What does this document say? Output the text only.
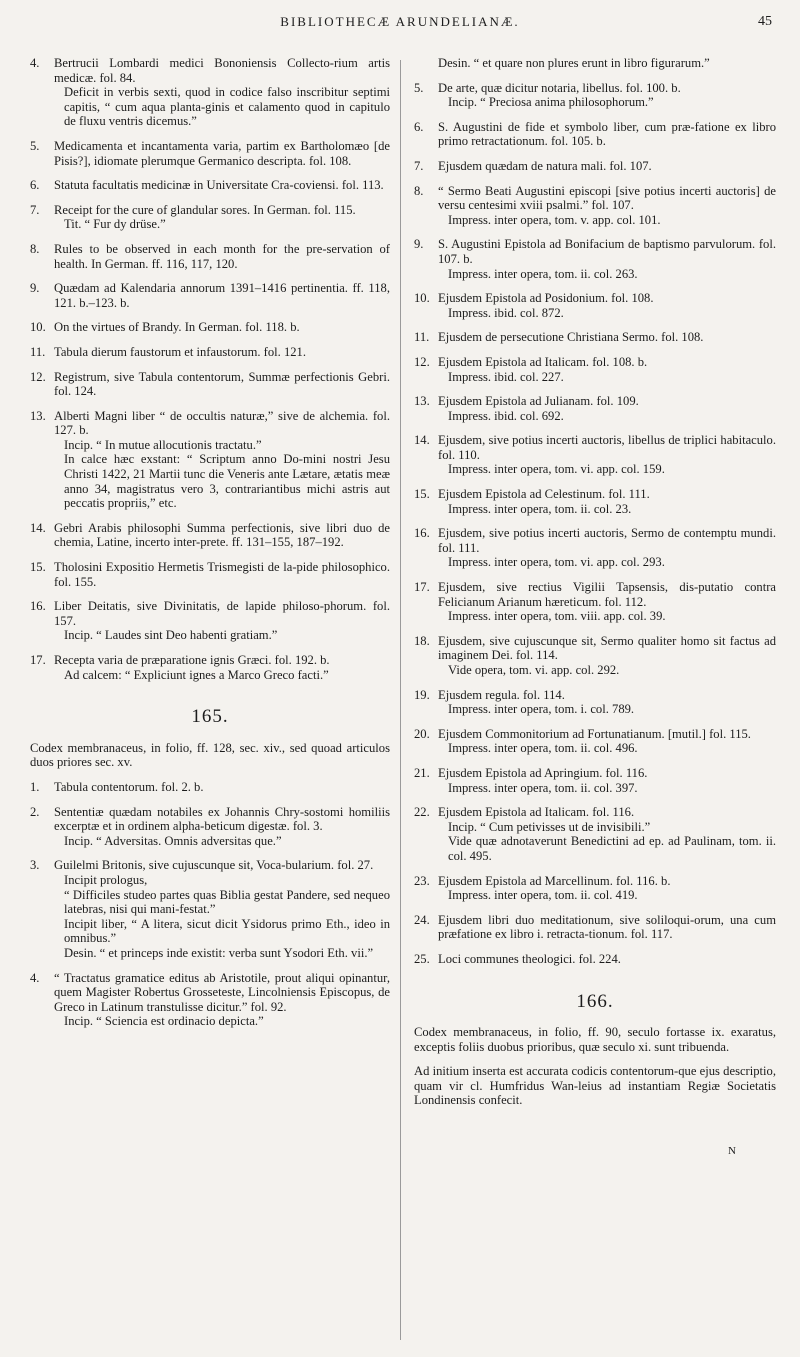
BIBLIOTHECÆ ARUNDELIANÆ.	45
4.	Bertrucii Lombardi medici Bononiensis Collecto-rium artis medicæ. fol. 84.
Deficit in verbis sexti, quod in codice falso inscribitur septimi capitis, “ cum aqua planta-ginis et calamento quod in capitulo de fluxu ventris dicemus.”
5.	Medicamenta et incantamenta varia, partim ex Bartholomæo [de Pisis?], idiomate plerumque Germanico descripta. fol. 108.
6.	Statuta facultatis medicinæ in Universitate Cra-coviensi. fol. 113.
7.	Receipt for the cure of glandular sores. In German. fol. 115.
Tit. “ Fur dy drüse.”
8.	Rules to be observed in each month for the pre-servation of health. In German. ff. 116, 117, 120.
9.	Quædam ad Kalendaria annorum 1391–1416 pertinentia. ff. 118, 121. b.–123. b.
10. On the virtues of Brandy. In German. fol. 118. b.
11. Tabula dierum faustorum et infaustorum. fol. 121.
12. Registrum, sive Tabula contentorum, Summæ perfectionis Gebri. fol. 124.
13. Alberti Magni liber “ de occultis naturæ,” sive de alchemia. fol. 127. b.
Incip. “ In mutue allocutionis tractatu.”
In calce hæc exstant: “ Scriptum anno Do-mini nostri Jesu Christi 1422, 21 Martii tunc die Veneris ante Lætare, ætatis meæ anno 34, magistratus vero 3, contrariantibus michi astris aut peccatis propriis,” etc.
14. Gebri Arabis philosophi Summa perfectionis, sive libri duo de chemia, Latine, incerto inter-prete. ff. 131–155, 187–192.
15. Tholosini Expositio Hermetis Trismegisti de la-pide philosophico. fol. 155.
16. Liber Deitatis, sive Divinitatis, de lapide philoso-phorum. fol. 157.
Incip. “ Laudes sint Deo habenti gratiam.”
17. Recepta varia de præparatione ignis Græci. fol. 192. b.
Ad calcem: “ Expliciunt ignes a Marco Greco facti.”
165.
Codex membranaceus, in folio, ff. 128, sec. xiv., sed quoad articulos duos priores sec. xv.
1.	Tabula contentorum. fol. 2. b.
2.	Sententiæ quædam notabiles ex Johannis Chry-sostomi homiliis excerptæ et in ordinem alpha-beticum digestæ. fol. 3.
Incip. “ Adversitas. Omnis adversitas que.”
3.	Guilelmi Britonis, sive cujuscunque sit, Voca-bularium. fol. 27.
Incipit prologus,
“ Difficiles studeo partes quas Biblia gestat Pandere, sed nequeo latebras, nisi qui mani-festat.”
Incipit liber, “ A litera, sicut dicit Ysidorus primo Eth., ideo in omnibus.”
Desin. “ et princeps inde existit: verba sunt Ysodori Eth. vii.”
4.	“ Tractatus gramatice editus ab Aristotile, prout aliqui opinantur, quem Magister Robertus Grosseteste, Lincolniensis Episcopus, de Greco in Latinum transtulisse dicitur.” fol. 92.
Incip. “ Sciencia est ordinacio depicta.”
Desin. “ et quare non plures erunt in libro figurarum.”
5.	De arte, quæ dicitur notaria, libellus. fol. 100. b.
Incip. “ Preciosa anima philosophorum.”
6.	S. Augustini de fide et symbolo liber, cum præ-fatione ex libro primo retractationum. fol. 105. b.
7.	Ejusdem quædam de natura mali. fol. 107.
8.	“ Sermo Beati Augustini episcopi [sive potius incerti auctoris] de versu centesimi xviii psalmi.” fol. 107.
Impress. inter opera, tom. v. app. col. 101.
9.	S. Augustini Epistola ad Bonifacium de baptismo parvulorum. fol. 107. b.
Impress. inter opera, tom. ii. col. 263.
10. Ejusdem Epistola ad Posidonium. fol. 108.
Impress. ibid. col. 872.
11. Ejusdem de persecutione Christiana Sermo. fol. 108.
12. Ejusdem Epistola ad Italicam. fol. 108. b.
Impress. ibid. col. 227.
13. Ejusdem Epistola ad Julianam. fol. 109.
Impress. ibid. col. 692.
14. Ejusdem, sive potius incerti auctoris, libellus de triplici habitaculo. fol. 110.
Impress. inter opera, tom. vi. app. col. 159.
15. Ejusdem Epistola ad Celestinum. fol. 111.
Impress. inter opera, tom. ii. col. 23.
16. Ejusdem, sive potius incerti auctoris, Sermo de contemptu mundi. fol. 111.
Impress. inter opera, tom. vi. app. col. 293.
17. Ejusdem, sive rectius Vigilii Tapsensis, dis-putatio contra Felicianum Arianum hæreticum. fol. 112.
Impress. inter opera, tom. viii. app. col. 39.
18. Ejusdem, sive cujuscunque sit, Sermo qualiter homo sit factus ad imaginem Dei. fol. 114.
Vide opera, tom. vi. app. col. 292.
19. Ejusdem regula. fol. 114.
Impress. inter opera, tom. i. col. 789.
20. Ejusdem Commonitorium ad Fortunatianum. [mutil.] fol. 115.
Impress. inter opera, tom. ii. col. 496.
21. Ejusdem Epistola ad Apringium. fol. 116.
Impress. inter opera, tom. ii. col. 397.
22. Ejusdem Epistola ad Italicam. fol. 116.
Incip. “ Cum petivisses ut de invisibili.”
Vide quæ adnotaverunt Benedictini ad ep. ad Paulinam, tom. ii. col. 495.
23. Ejusdem Epistola ad Marcellinum. fol. 116. b.
Impress. inter opera, tom. ii. col. 419.
24. Ejusdem libri duo meditationum, sive soliloqui-orum, una cum præfatione ex libro i. retracta-tionum. fol. 117.
25. Loci communes theologici. fol. 224.
166.
Codex membranaceus, in folio, ff. 90, seculo fortasse ix. exaratus, exceptis foliis duobus prioribus, quæ seculo xi. sunt tribuenda.
Ad initium inserta est accurata codicis contentorum-que ejus descriptio, quam vir cl. Humfridus Wan-leius ad instantiam Regiæ Societatis Londinensis confecit.
N
